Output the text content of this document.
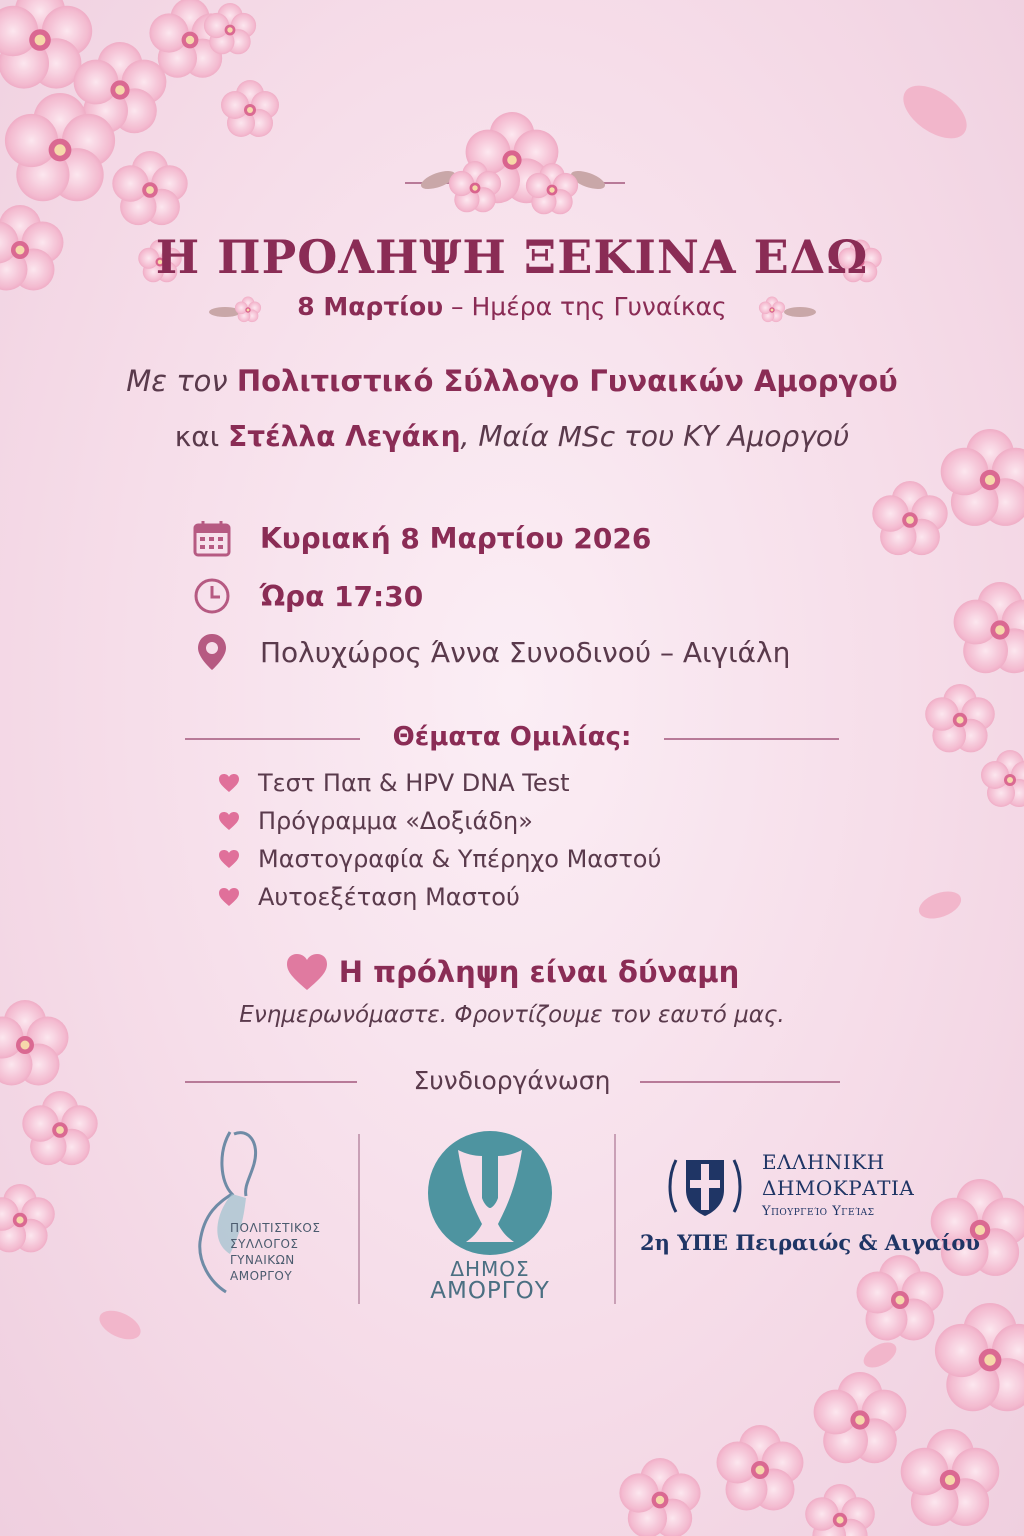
Η ΠΡΟΛΗΨΗ ΞΕΚΙΝΑ ΕΔΩ
8 Μαρτίου – Ημέρα της Γυναίκας
Με τον Πολιτιστικό Σύλλογο Γυναικών Αμοργού
και Στέλλα Λεγάκη, Μαία MSc του ΚΥ Αμοργού
Κυριακή 8 Μαρτίου 2026
Ώρα 17:30
Πολυχώρος Άννα Συνοδινού – Αιγιάλη
Θέματα Ομιλίας:
Τεστ Παπ & HPV DNA Test
Πρόγραμμα «Δοξιάδη»
Μαστογραφία & Υπέρηχο Μαστού
Αυτοεξέταση Μαστού
Η πρόληψη είναι δύναμη
Ενημερωνόμαστε. Φροντίζουμε τον εαυτό μας.
Συνδιοργάνωση
ΠΟΛΙΤΙΣΤΙΚΟΣ
ΣΥΛΛΟΓΟΣ
ΓΥΝΑΙΚΩΝ
ΑΜΟΡΓΟΥ	ΔΗΜΟΣ
ΑΜΟΡΓΟΥ
ΕΛΛΗΝΙΚΗ
ΔΗΜΟΚΡΑΤΙΑ
Υπουργείο Υγείας
2η ΥΠΕ Πειραιώς & Αιγαίου
